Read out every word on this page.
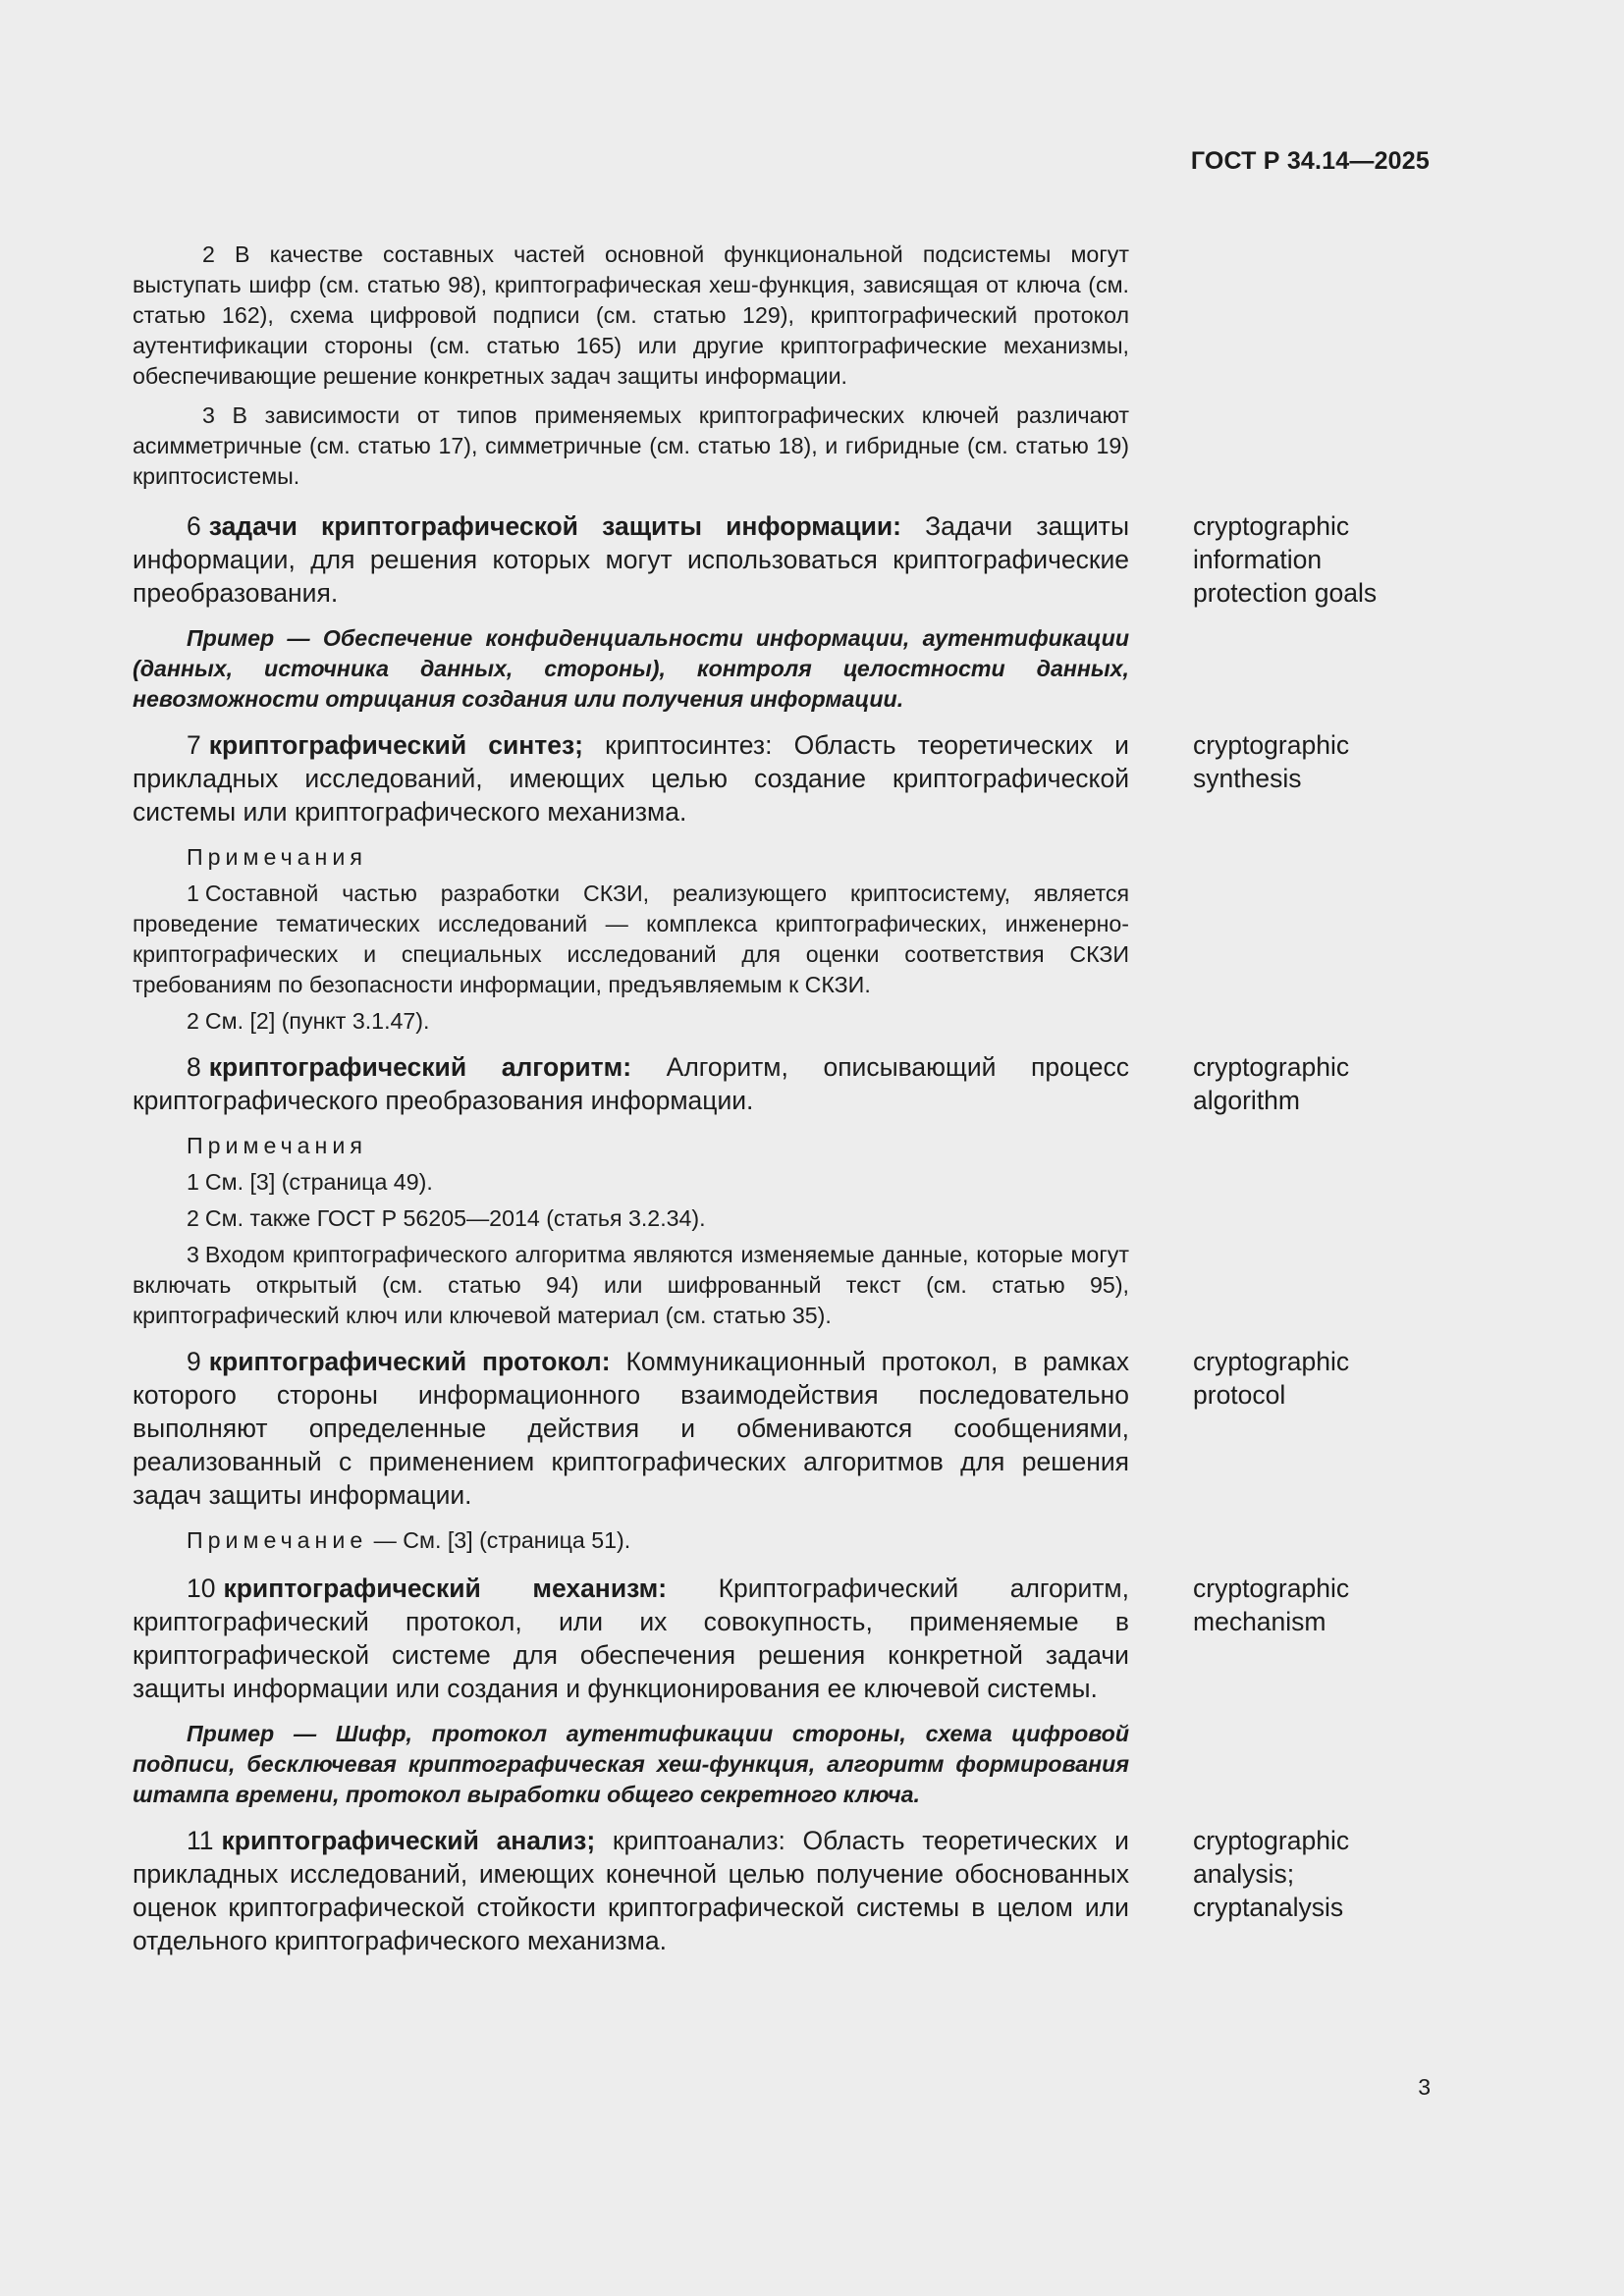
ГОСТ Р 34.14—2025

2 В качестве составных частей основной функциональной подсистемы могут выступать шифр (см. статью 98), криптографическая хеш-функция, зависящая от ключа (см. статью 162), схема цифровой подписи (см. статью 129), криптографический протокол аутентификации стороны (см. статью 165) или другие криптографические механизмы, обеспечивающие решение конкретных задач защиты информации.

3 В зависимости от типов применяемых криптографических ключей различают асимметричные (см. статью 17), симметричные (см. статью 18), и гибридные (см. статью 19) криптосистемы.

6 задачи криптографической защиты информации: Задачи защиты информации, для решения которых могут использоваться криптографические преобразования.

cryptographic
information
protection goals

Пример — Обеспечение конфиденциальности информации, аутентификации (данных, источника данных, стороны), контроля целостности данных, невозможности отрицания создания или получения информации.

7 криптографический синтез; криптосинтез: Область теоретических и прикладных исследований, имеющих целью создание криптографической системы или криптографического механизма.

cryptographic
synthesis

Примечания

1 Составной частью разработки СКЗИ, реализующего криптосистему, является проведение тематических исследований — комплекса криптографических, инженерно-криптографических и специальных исследований для оценки соответствия СКЗИ требованиям по безопасности информации, предъявляемым к СКЗИ.

2 См. [2] (пункт 3.1.47).

8 криптографический алгоритм: Алгоритм, описывающий процесс криптографического преобразования информации.

cryptographic
algorithm

Примечания

1 См. [3] (страница 49).

2 См. также ГОСТ Р 56205—2014 (статья 3.2.34).

3 Входом криптографического алгоритма являются изменяемые данные, которые могут включать открытый (см. статью 94) или шифрованный текст (см. статью 95), криптографический ключ или ключевой материал (см. статью 35).

9 криптографический протокол: Коммуникационный протокол, в рамках которого стороны информационного взаимодействия последовательно выполняют определенные действия и обмениваются сообщениями, реализованный с применением криптографических алгоритмов для решения задач защиты информации.

cryptographic
protocol

Примечание — См. [3] (страница 51).

10 криптографический механизм: Криптографический алгоритм, криптографический протокол, или их совокупность, применяемые в криптографической системе для обеспечения решения конкретной задачи защиты информации или создания и функционирования ее ключевой системы.

cryptographic
mechanism

Пример — Шифр, протокол аутентификации стороны, схема цифровой подписи, бесключевая криптографическая хеш-функция, алгоритм формирования штампа времени, протокол выработки общего секретного ключа.

11 криптографический анализ; криптоанализ: Область теоретических и прикладных исследований, имеющих конечной целью получение обоснованных оценок криптографической стойкости криптографической системы в целом или отдельного криптографического механизма.

cryptographic
analysis;
cryptanalysis
3
